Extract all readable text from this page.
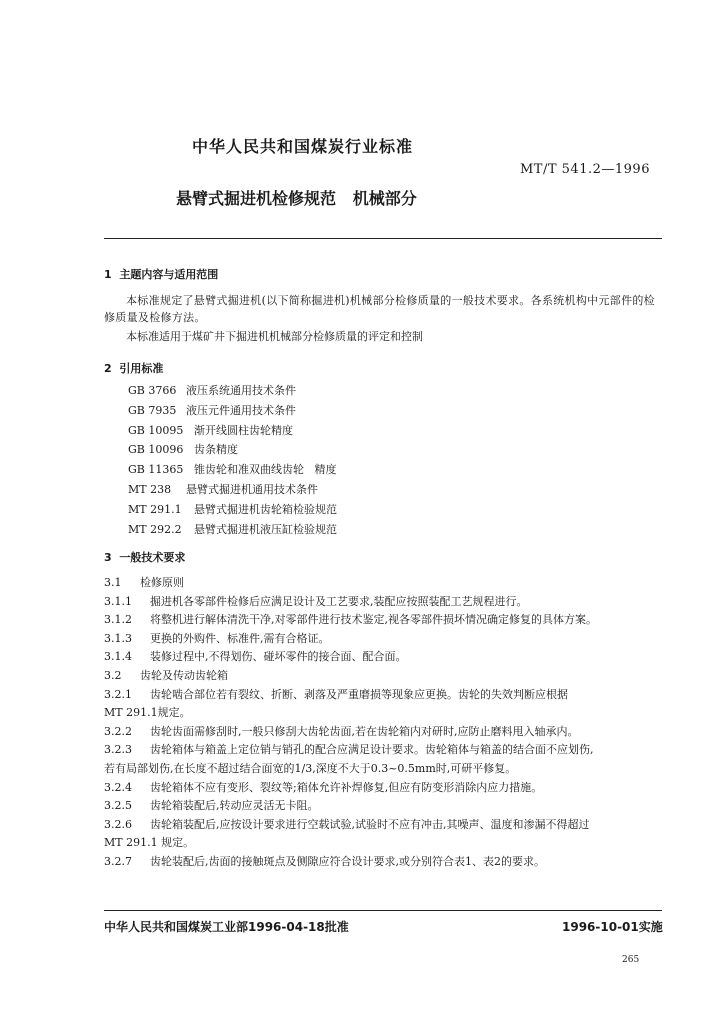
中华人民共和国煤炭行业标准
MT/T 541.2—1996
悬臂式掘进机检修规范   机械部分
1  主题内容与适用范围
本标准规定了悬臂式掘进机(以下简称掘进机)机械部分检修质量的一般技术要求。各系统机构中元部件的检修质量及检修方法。
本标准适用于煤矿井下掘进机机械部分检修质量的评定和控制
2  引用标准
GB 3766 液压系统通用技术条件
GB 7935 液压元件通用技术条件
GB 10095 渐开线圆柱齿轮精度
GB 10096 齿条精度
GB 11365 锥齿轮和准双曲线齿轮   精度
MT 238 悬臂式掘进机通用技术条件
MT 291.1 悬臂式掘进机齿轮箱检验规范
MT 292.2 悬臂式掘进机液压缸检验规范
3  一般技术要求
3.1 检修原则
3.1.1 掘进机各零部件检修后应满足设计及工艺要求,装配应按照装配工艺规程进行。
3.1.2 将整机进行解体清洗干净,对零部件进行技术鉴定,视各零部件损坏情况确定修复的具体方案。
3.1.3 更换的外购件、标准件,需有合格证。
3.1.4 装修过程中,不得划伤、碰坏零件的接合面、配合面。
3.2 齿轮及传动齿轮箱
3.2.1 齿轮啮合部位若有裂纹、折断、剥落及严重磨损等现象应更换。齿轮的失效判断应根据
MT 291.1规定。
3.2.2 齿轮齿面需修刮时,一般只修刮大齿轮齿面,若在齿轮箱内对研时,应防止磨料甩入轴承内。
3.2.3 齿轮箱体与箱盖上定位销与销孔的配合应满足设计要求。齿轮箱体与箱盖的结合面不应划伤,
若有局部划伤,在长度不超过结合面宽的1/3,深度不大于0.3~0.5mm时,可研平修复。
3.2.4 齿轮箱体不应有变形、裂纹等;箱体允许补焊修复,但应有防变形消除内应力措施。
3.2.5 齿轮箱装配后,转动应灵活无卡阻。
3.2.6 齿轮箱装配后,应按设计要求进行空载试验,试验时不应有冲击,其噪声、温度和渗漏不得超过
MT 291.1 规定。
3.2.7 齿轮装配后,齿面的接触斑点及侧隙应符合设计要求,或分别符合表1、表2的要求。
中华人民共和国煤炭工业部1996-04-18批准	1996-10-01实施
265
